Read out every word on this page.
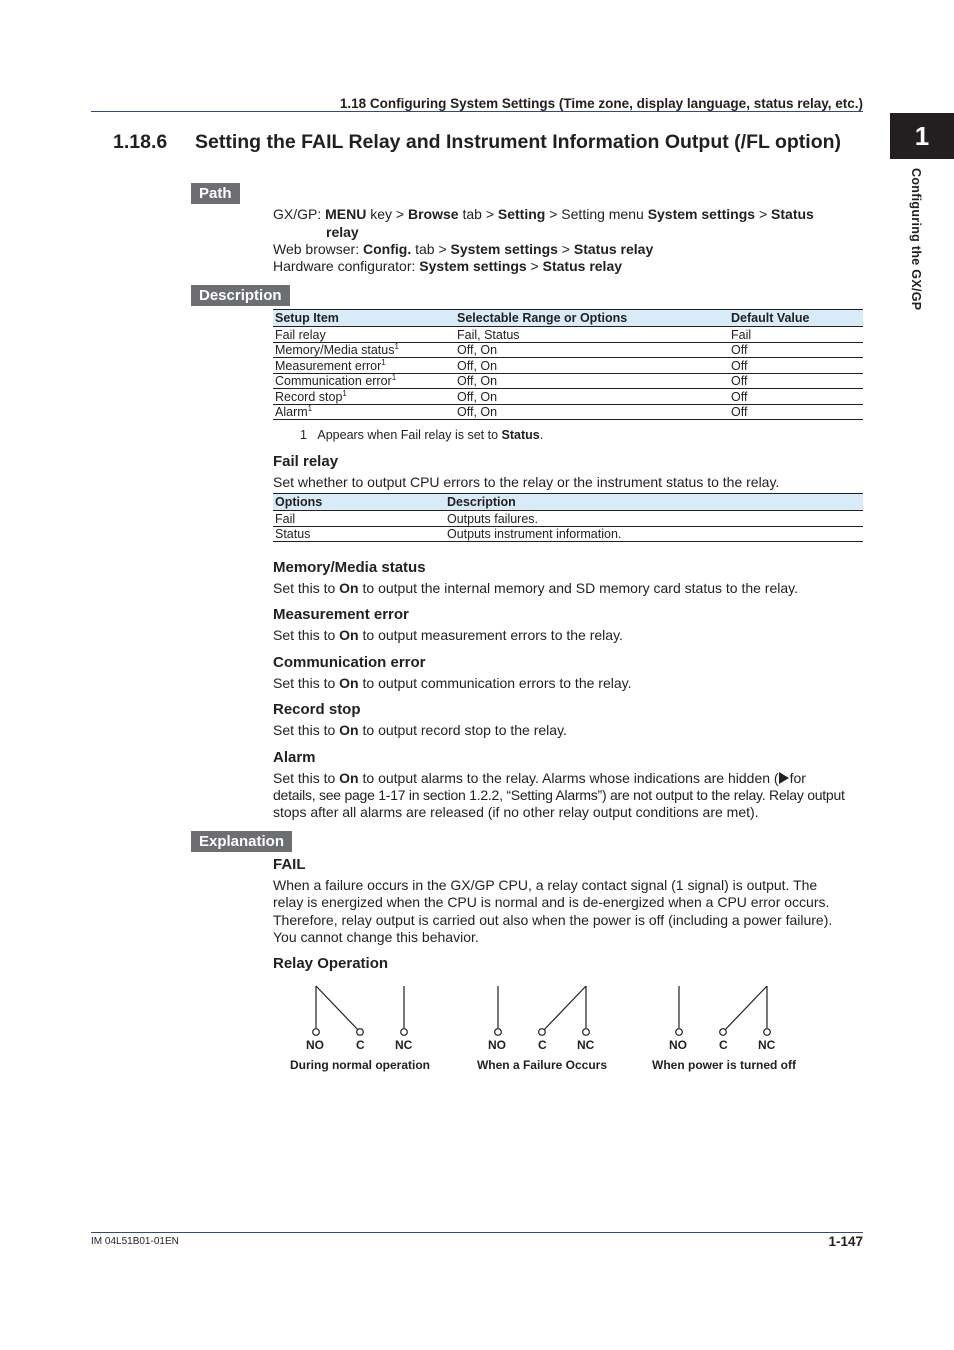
1.18 Configuring System Settings (Time zone, display language, status relay, etc.)
1
Configuring the GX/GP
1.18.6 Setting the FAIL Relay and Instrument Information Output (/FL option)
Path
GX/GP: MENU key > Browse tab > Setting > Setting menu System settings > Status
relay
Web browser: Config. tab > System settings > Status relay
Hardware configurator: System settings > Status relay
Description
Setup Item	Selectable Range or Options	Default Value
Fail relay	Fail, Status	Fail
Memory/Media status$^1$	Off, On	Off
Measurement error$^1$	Off, On	Off
Communication error$^1$	Off, On	Off
Record stop$^1$	Off, On	Off
Alarm$^1$	Off, On	Off
1 Appears when Fail relay is set to Status.
Fail relay
Set whether to output CPU errors to the relay or the instrument status to the relay.
Options	Description
Fail	Outputs failures.
Status	Outputs instrument information.
Memory/Media status
Set this to On to output the internal memory and SD memory card status to the relay.
Measurement error
Set this to On to output measurement errors to the relay.
Communication error
Set this to On to output communication errors to the relay.
Record stop
Set this to On to output record stop to the relay.
Alarm
Set this to On to output alarms to the relay. Alarms whose indications are hidden ( for
details, see page 1-17 in section 1.2.2, “Setting Alarms”) are not output to the relay. Relay output
stops after all alarms are released (if no other relay output conditions are met).
Explanation
FAIL
When a failure occurs in the GX/GP CPU, a relay contact signal (1 signal) is output. The
relay is energized when the CPU is normal and is de-energized when a CPU error occurs.
Therefore, relay output is carried out also when the power is off (including a power failure).
You cannot change this behavior.
Relay Operation
NO	C	NC
During normal operation
NO	C	NC
When a Failure Occurs
NO	C	NC
When power is turned off
IM 04L51B01-01EN	1-147
